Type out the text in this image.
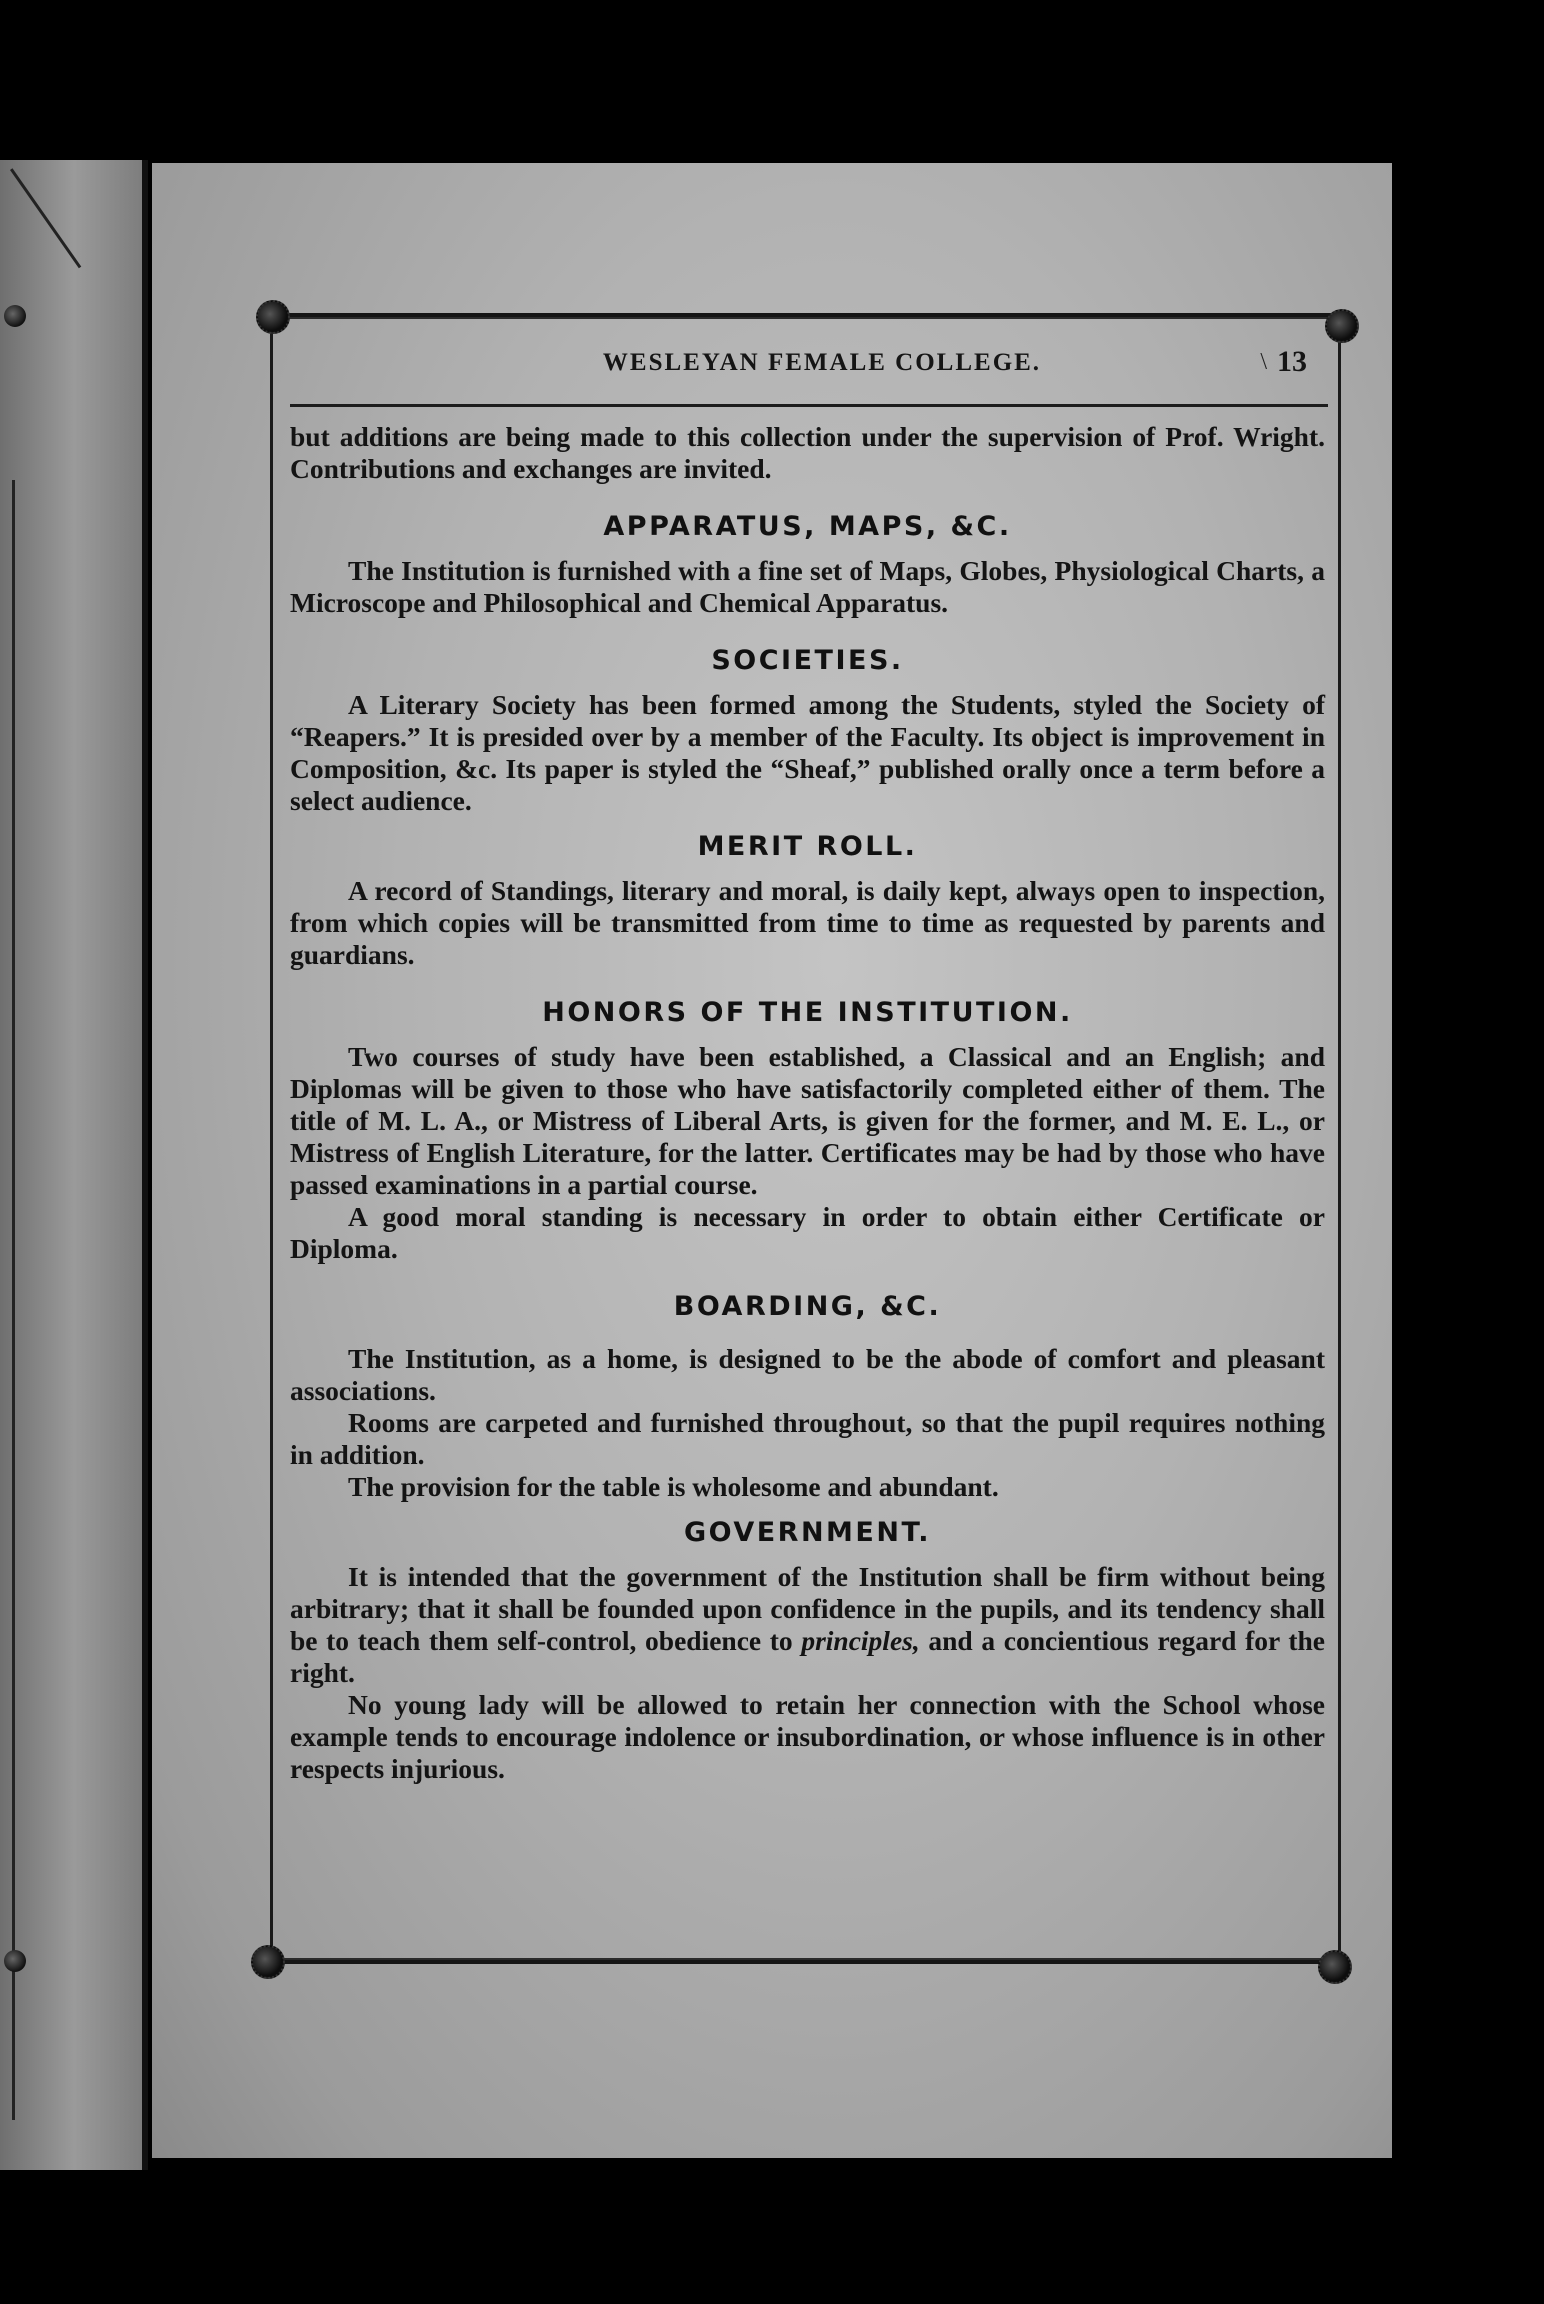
WESLEYAN FEMALE COLLEGE.	\ 13

but additions are being made to this collection under the supervision of Prof. Wright. Contributions and exchanges are invited.

APPARATUS, MAPS, &C.

The Institution is furnished with a fine set of Maps, Globes, Physiological Charts, a Microscope and Philosophical and Chemical Apparatus.

SOCIETIES.

A Literary Society has been formed among the Students, styled the Society of “Reapers.” It is presided over by a member of the Faculty. Its object is improvement in Composition, &c. Its paper is styled the “Sheaf,” published orally once a term before a select audience.

MERIT ROLL.

A record of Standings, literary and moral, is daily kept, always open to inspection, from which copies will be transmitted from time to time as requested by parents and guardians.

HONORS OF THE INSTITUTION.

Two courses of study have been established, a Classical and an English; and Diplomas will be given to those who have satisfactorily completed either of them. The title of M. L. A., or Mistress of Liberal Arts, is given for the former, and M. E. L., or Mistress of English Literature, for the latter. Certificates may be had by those who have passed examinations in a partial course.

A good moral standing is necessary in order to obtain either Certificate or Diploma.

BOARDING, &C.

The Institution, as a home, is designed to be the abode of comfort and pleasant associations.

Rooms are carpeted and furnished throughout, so that the pupil requires nothing in addition.

The provision for the table is wholesome and abundant.

GOVERNMENT.

It is intended that the government of the Institution shall be firm without being arbitrary; that it shall be founded upon confidence in the pupils, and its tendency shall be to teach them self-control, obedience to principles, and a concientious regard for the right.

No young lady will be allowed to retain her connection with the School whose example tends to encourage indolence or insubordination, or whose influence is in other respects injurious.
